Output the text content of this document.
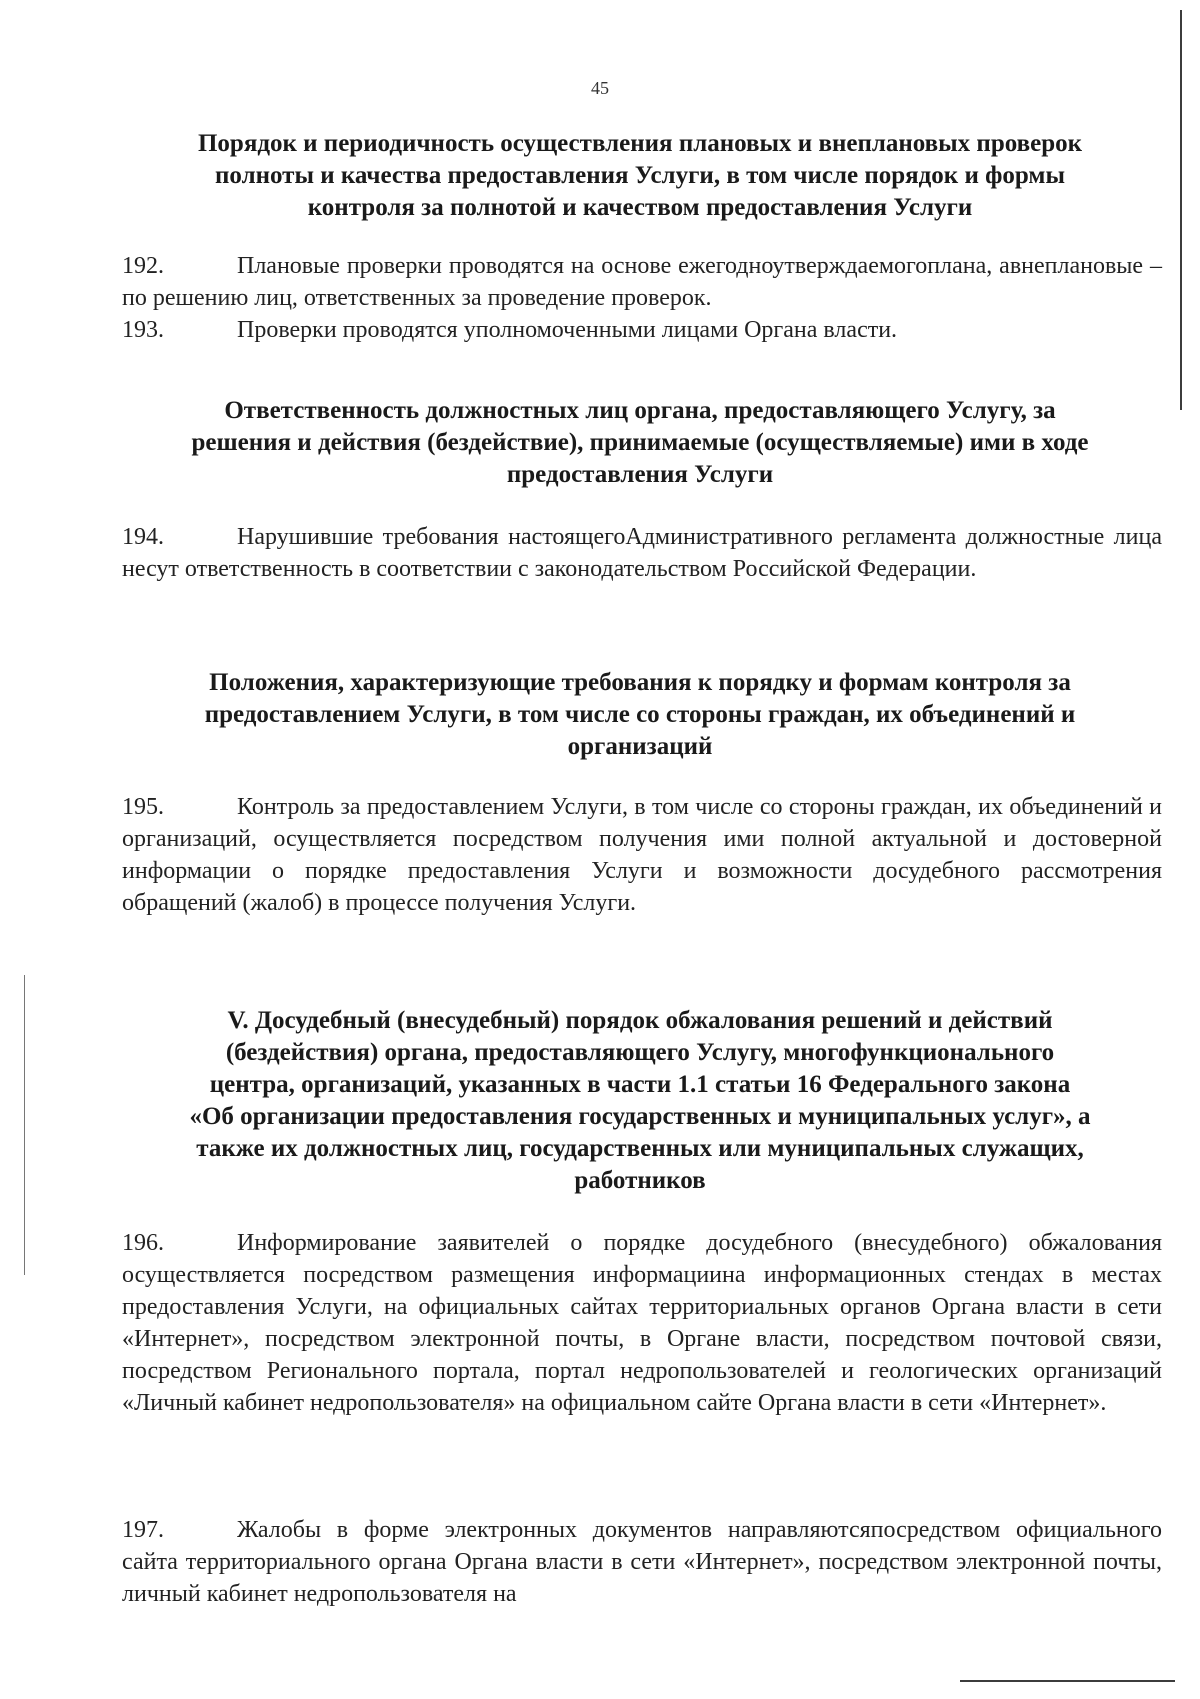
45
Порядок и периодичность осуществления плановых и внеплановых проверок
полноты и качества предоставления Услуги, в том числе порядок и формы
контроля за полнотой и качеством предоставления Услуги

192.	Плановые проверки проводятся на основе ежегодноутверждаемогоплана, авнеплановые –по решению лиц, ответственных за проведение проверок.

193.	Проверки проводятся уполномоченными лицами Органа власти.

Ответственность должностных лиц органа, предоставляющего Услугу, за
решения и действия (бездействие), принимаемые (осуществляемые) ими в ходе
предоставления Услуги

194.	Нарушившие требования настоящегоАдминистративного регламента должностные лица несут ответственность в соответствии с законодательством Российской Федерации.

Положения, характеризующие требования к порядку и формам контроля за
предоставлением Услуги, в том числе со стороны граждан, их объединений и
организаций

195.	Контроль за предоставлением Услуги, в том числе со стороны граждан, их объединений и организаций, осуществляется посредством получения ими полной актуальной и достоверной информации о порядке предоставления Услуги и возможности досудебного рассмотрения обращений (жалоб) в процессе получения Услуги.

V. Досудебный (внесудебный) порядок обжалования решений и действий
(бездействия) органа, предоставляющего Услугу, многофункционального
центра, организаций, указанных в части 1.1 статьи 16 Федерального закона
«Об организации предоставления государственных и муниципальных услуг», а
также их должностных лиц, государственных или муниципальных служащих,
работников

196.	Информирование заявителей о порядке досудебного (внесудебного) обжалования осуществляется посредством размещения информациина информационных стендах в местах предоставления Услуги, на официальных сайтах территориальных органов Органа власти в сети «Интернет», посредством электронной почты, в Органе власти, посредством почтовой связи, посредством Регионального портала, портал недропользователей и геологических организаций «Личный кабинет недропользователя» на официальном сайте Органа власти в сети «Интернет».

197.	Жалобы в форме электронных документов направляютсяпосредством официального сайта территориального органа Органа власти в сети «Интернет», посредством электронной почты, личный кабинет недропользователя на
